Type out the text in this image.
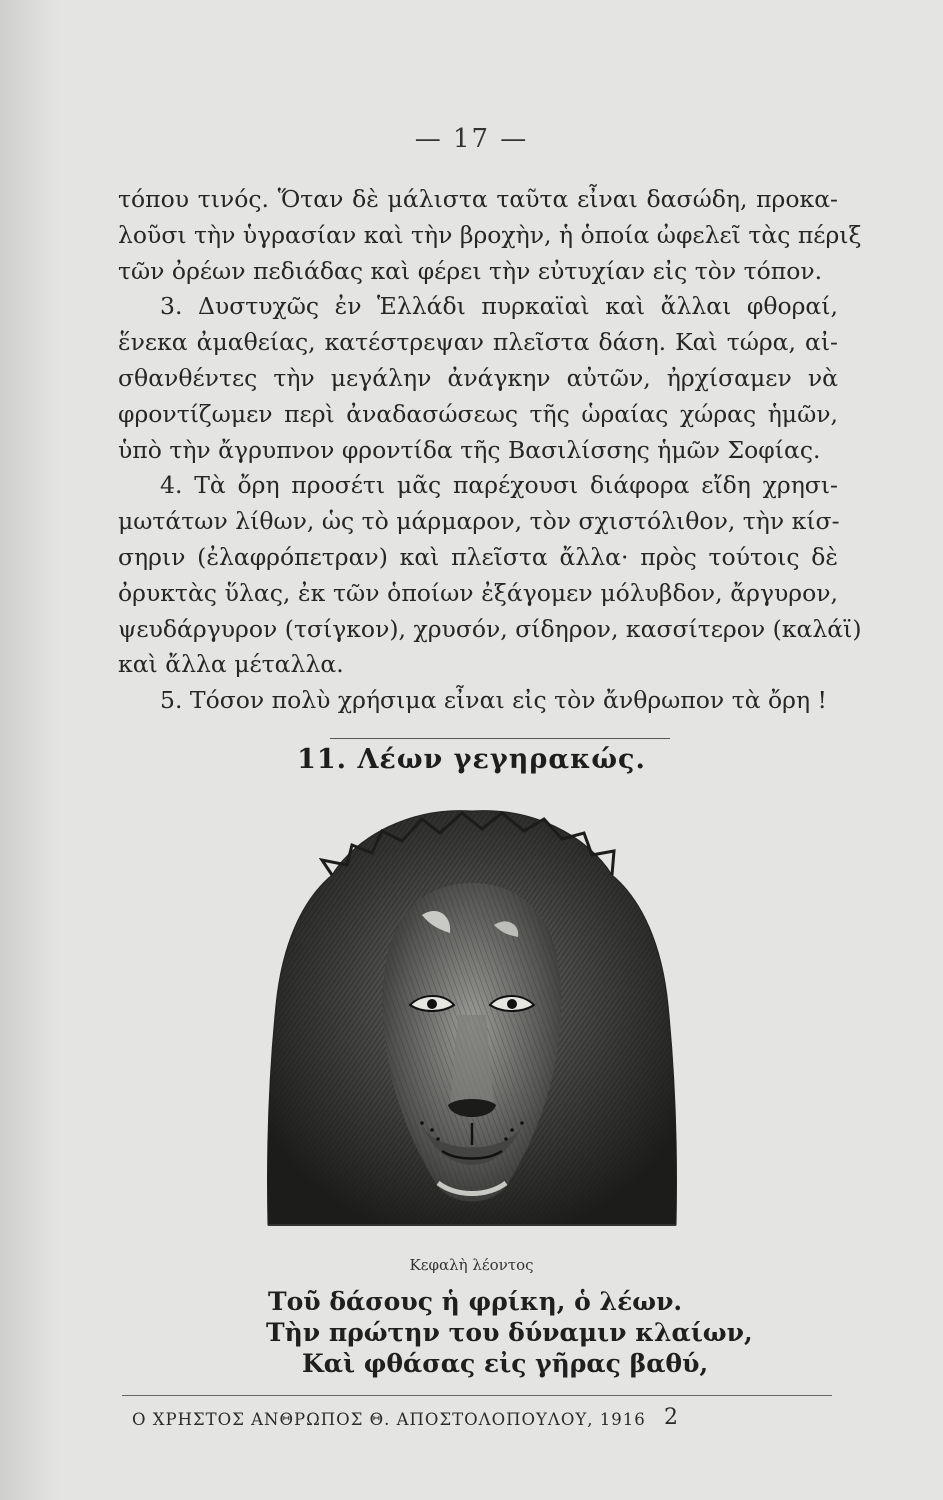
— 17 —
τόπου τινός. Ὅταν δὲ μάλιστα ταῦτα εἶναι δασώδη, προκα-
λοῦσι τὴν ὑγρασίαν καὶ τὴν βροχὴν, ἡ ὁποία ὠφελεῖ τὰς πέριξ
τῶν ὀρέων πεδιάδας καὶ φέρει τὴν εὐτυχίαν εἰς τὸν τόπον.
3. Δυστυχῶς ἐν Ἑλλάδι πυρκαϊαὶ καὶ ἄλλαι φθοραί,
ἕνεκα ἀμαθείας, κατέστρεψαν πλεῖστα δάση. Καὶ τώρα, αἰ-
σθανθέντες τὴν μεγάλην ἀνάγκην αὐτῶν, ἠρχίσαμεν νὰ
φροντίζωμεν περὶ ἀναδασώσεως τῆς ὡραίας χώρας ἡμῶν,
ὑπὸ τὴν ἄγρυπνον φροντίδα τῆς Βασιλίσσης ἡμῶν Σοφίας.
4. Τὰ ὄρη προσέτι μᾶς παρέχουσι διάφορα εἴδη χρησι-
μωτάτων λίθων, ὡς τὸ μάρμαρον, τὸν σχιστόλιθον, τὴν κίσ-
σηριν (ἐλαφρόπετραν) καὶ πλεῖστα ἄλλα· πρὸς τούτοις δὲ
ὀρυκτὰς ὕλας, ἐκ τῶν ὁποίων ἐξάγομεν μόλυβδον, ἄργυρον,
ψευδάργυρον (τσίγκον), χρυσόν, σίδηρον, κασσίτερον (καλάϊ)
καὶ ἄλλα μέταλλα.
5. Τόσον πολὺ χρήσιμα εἶναι εἰς τὸν ἄνθρωπον τὰ ὄρη !
11. Λέων γεγηρακώς.
Κεφαλὴ λέοντος
Τοῦ δάσους ἡ φρίκη, ὁ λέων.
Τὴν πρώτην του δύναμιν κλαίων,
Καὶ φθάσας εἰς γῆρας βαθύ,
Ο ΧΡΗΣΤΟΣ ΑΝΘΡΩΠΟΣ Θ. ΑΠΟΣΤΟΛΟΠΟΥΛΟΥ, 1916 2
